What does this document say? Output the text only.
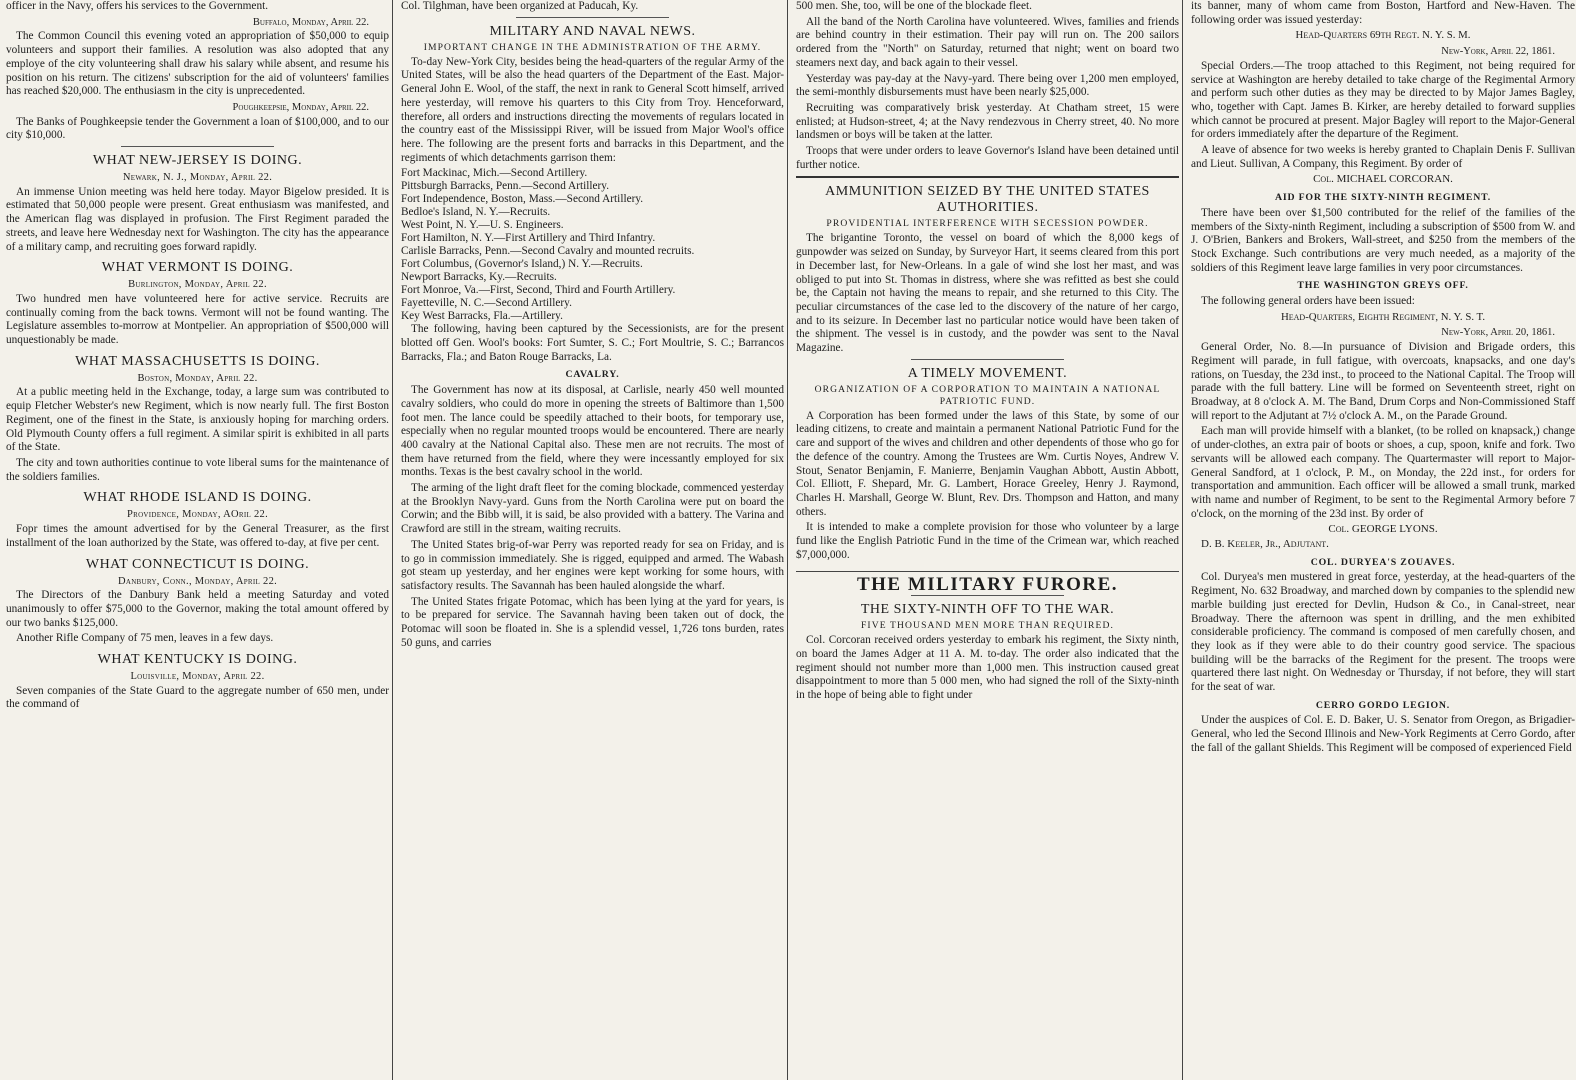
officer in the Navy, offers his services to the Government.

Buffalo, Monday, April 22.

The Common Council this evening voted an appropriation of $50,000 to equip volunteers and support their families. A resolution was also adopted that any employe of the city volunteering shall draw his salary while absent, and resume his position on his return. The citizens' subscription for the aid of volunteers' families has reached $20,000. The enthusiasm in the city is unprecedented.

Poughkeepsie, Monday, April 22.

The Banks of Poughkeepsie tender the Government a loan of $100,000, and to our city $10,000.

WHAT NEW-JERSEY IS DOING.
Newark, N. J., Monday, April 22.

An immense Union meeting was held here today. Mayor Bigelow presided. It is estimated that 50,000 people were present. Great enthusiasm was manifested, and the American flag was displayed in profusion. The First Regiment paraded the streets, and leave here Wednesday next for Washington. The city has the appearance of a military camp, and recruiting goes forward rapidly.

WHAT VERMONT IS DOING.
Burlington, Monday, April 22.

Two hundred men have volunteered here for active service. Recruits are continually coming from the back towns. Vermont will not be found wanting. The Legislature assembles to-morrow at Montpelier. An appropriation of $500,000 will unquestionably be made.

WHAT MASSACHUSETTS IS DOING.
Boston, Monday, April 22.

At a public meeting held in the Exchange, today, a large sum was contributed to equip Fletcher Webster's new Regiment, which is now nearly full. The first Boston Regiment, one of the finest in the State, is anxiously hoping for marching orders. Old Plymouth County offers a full regiment. A similar spirit is exhibited in all parts of the State.

The city and town authorities continue to vote liberal sums for the maintenance of the soldiers families.

WHAT RHODE ISLAND IS DOING.
Providence, Monday, AOril 22.

Fopr times the amount advertised for by the General Treasurer, as the first installment of the loan authorized by the State, was offered to-day, at five per cent.

WHAT CONNECTICUT IS DOING.
Danbury, Conn., Monday, April 22.

The Directors of the Danbury Bank held a meeting Saturday and voted unanimously to offer $75,000 to the Governor, making the total amount offered by our two banks $125,000.

Another Rifle Company of 75 men, leaves in a few days.

WHAT KENTUCKY IS DOING.
Louisville, Monday, April 22.

Seven companies of the State Guard to the aggregate number of 650 men, under the command of

Col. Tilghman, have been organized at Paducah, Ky.

MILITARY AND NAVAL NEWS.
IMPORTANT CHANGE IN THE ADMINISTRATION OF THE ARMY.

To-day New-York City, besides being the head-quarters of the regular Army of the United States, will be also the head quarters of the Department of the East. Major-General John E. Wool, of the staff, the next in rank to General Scott himself, arrived here yesterday, will remove his quarters to this City from Troy. Henceforward, therefore, all orders and instructions directing the movements of regulars located in the country east of the Mississippi River, will be issued from Major Wool's office here. The following are the present forts and barracks in this Department, and the regiments of which detachments garrison them:

Fort Mackinac, Mich.—Second Artillery.
Pittsburgh Barracks, Penn.—Second Artillery.
Fort Independence, Boston, Mass.—Second Artillery.
Bedloe's Island, N. Y.—Recruits.
West Point, N. Y.—U. S. Engineers.
Fort Hamilton, N. Y.—First Artillery and Third Infantry.
Carlisle Barracks, Penn.—Second Cavalry and mounted recruits.
Fort Columbus, (Governor's Island,) N. Y.—Recruits.
Newport Barracks, Ky.—Recruits.
Fort Monroe, Va.—First, Second, Third and Fourth Artillery.
Fayetteville, N. C.—Second Artillery.
Key West Barracks, Fla.—Artillery.

The following, having been captured by the Secessionists, are for the present blotted off Gen. Wool's books: Fort Sumter, S. C.; Fort Moultrie, S. C.; Barrancos Barracks, Fla.; and Baton Rouge Barracks, La.

CAVALRY.

The Government has now at its disposal, at Carlisle, nearly 450 well mounted cavalry soldiers, who could do more in opening the streets of Baltimore than 1,500 foot men. The lance could be speedily attached to their boots, for temporary use, especially when no regular mounted troops would be encountered. There are nearly 400 cavalry at the National Capital also. These men are not recruits. The most of them have returned from the field, where they were incessantly employed for six months. Texas is the best cavalry school in the world.

The arming of the light draft fleet for the coming blockade, commenced yesterday at the Brooklyn Navy-yard. Guns from the North Carolina were put on board the Corwin; and the Bibb will, it is said, be also provided with a battery. The Varina and Crawford are still in the stream, waiting recruits.

The United States brig-of-war Perry was reported ready for sea on Friday, and is to go in commission immediately. She is rigged, equipped and armed. The Wabash got steam up yesterday, and her engines were kept working for some hours, with satisfactory results. The Savannah has been hauled alongside the wharf.

The United States frigate Potomac, which has been lying at the yard for years, is to be prepared for service. The Savannah having been taken out of dock, the Potomac will soon be floated in. She is a splendid vessel, 1,726 tons burden, rates 50 guns, and carries

500 men. She, too, will be one of the blockade fleet.

All the band of the North Carolina have volunteered. Wives, families and friends are behind country in their estimation. Their pay will run on. The 200 sailors ordered from the "North" on Saturday, returned that night; went on board two steamers next day, and back again to their vessel.

Yesterday was pay-day at the Navy-yard. There being over 1,200 men employed, the semi-monthly disbursements must have been nearly $25,000.

Recruiting was comparatively brisk yesterday. At Chatham street, 15 were enlisted; at Hudson-street, 4; at the Navy rendezvous in Cherry street, 40. No more landsmen or boys will be taken at the latter.

Troops that were under orders to leave Governor's Island have been detained until further notice.

AMMUNITION SEIZED BY THE UNITED STATES AUTHORITIES.
PROVIDENTIAL INTERFERENCE WITH SECESSION POWDER.

The brigantine Toronto, the vessel on board of which the 8,000 kegs of gunpowder was seized on Sunday, by Surveyor Hart, it seems cleared from this port in December last, for New-Orleans. In a gale of wind she lost her mast, and was obliged to put into St. Thomas in distress, where she was refitted as best she could be, the Captain not having the means to repair, and she returned to this City. The peculiar circumstances of the case led to the discovery of the nature of her cargo, and to its seizure. In December last no particular notice would have been taken of the shipment. The vessel is in custody, and the powder was sent to the Naval Magazine.

A TIMELY MOVEMENT.
ORGANIZATION OF A CORPORATION TO MAINTAIN A NATIONAL PATRIOTIC FUND.

A Corporation has been formed under the laws of this State, by some of our leading citizens, to create and maintain a permanent National Patriotic Fund for the care and support of the wives and children and other dependents of those who go for the defence of the country. Among the Trustees are Wm. Curtis Noyes, Andrew V. Stout, Senator Benjamin, F. Manierre, Benjamin Vaughan Abbott, Austin Abbott, Col. Elliott, F. Shepard, Mr. G. Lambert, Horace Greeley, Henry J. Raymond, Charles H. Marshall, George W. Blunt, Rev. Drs. Thompson and Hatton, and many others.

It is intended to make a complete provision for those who volunteer by a large fund like the English Patriotic Fund in the time of the Crimean war, which reached $7,000,000.

THE MILITARY FURORE.
THE SIXTY-NINTH OFF TO THE WAR.
FIVE THOUSAND MEN MORE THAN REQUIRED.

Col. Corcoran received orders yesterday to embark his regiment, the Sixty ninth, on board the James Adger at 11 A. M. to-day. The order also indicated that the regiment should not number more than 1,000 men. This instruction caused great disappointment to more than 5 000 men, who had signed the roll of the Sixty-ninth in the hope of being able to fight under

its banner, many of whom came from Boston, Hartford and New-Haven. The following order was issued yesterday:

Head-Quarters 69th Regt. N. Y. S. M.
New-York, April 22, 1861.

Special Orders.—The troop attached to this Regiment, not being required for service at Washington are hereby detailed to take charge of the Regimental Armory and perform such other duties as they may be directed to by Major James Bagley, who, together with Capt. James B. Kirker, are hereby detailed to forward supplies which cannot be procured at present. Major Bagley will report to the Major-General for orders immediately after the departure of the Regiment.

A leave of absence for two weeks is hereby granted to Chaplain Denis F. Sullivan and Lieut. Sullivan, A Company, this Regiment. By order of

Col. MICHAEL CORCORAN.
AID FOR THE SIXTY-NINTH REGIMENT.

There have been over $1,500 contributed for the relief of the families of the members of the Sixty-ninth Regiment, including a subscription of $500 from W. and J. O'Brien, Bankers and Brokers, Wall-street, and $250 from the members of the Stock Exchange. Such contributions are very much needed, as a majority of the soldiers of this Regiment leave large families in very poor circumstances.

THE WASHINGTON GREYS OFF.

The following general orders have been issued:

Head-Quarters, Eighth Regiment, N. Y. S. T.
New-York, April 20, 1861.

General Order, No. 8.—In pursuance of Division and Brigade orders, this Regiment will parade, in full fatigue, with overcoats, knapsacks, and one day's rations, on Tuesday, the 23d inst., to proceed to the National Capital. The Troop will parade with the full battery. Line will be formed on Seventeenth street, right on Broadway, at 8 o'clock A. M. The Band, Drum Corps and Non-Commissioned Staff will report to the Adjutant at 7½ o'clock A. M., on the Parade Ground.

Each man will provide himself with a blanket, (to be rolled on knapsack,) change of under-clothes, an extra pair of boots or shoes, a cup, spoon, knife and fork. Two servants will be allowed each company. The Quartermaster will report to Major-General Sandford, at 1 o'clock, P. M., on Monday, the 22d inst., for orders for transportation and ammunition. Each officer will be allowed a small trunk, marked with name and number of Regiment, to be sent to the Regimental Armory before 7 o'clock, on the morning of the 23d inst. By order of

Col. GEORGE LYONS.
D. B. Keeler, Jr., Adjutant.
COL. DURYEA'S ZOUAVES.

Col. Duryea's men mustered in great force, yesterday, at the head-quarters of the Regiment, No. 632 Broadway, and marched down by companies to the splendid new marble building just erected for Devlin, Hudson & Co., in Canal-street, near Broadway. There the afternoon was spent in drilling, and the men exhibited considerable proficiency. The command is composed of men carefully chosen, and they look as if they were able to do their country good service. The spacious building will be the barracks of the Regiment for the present. The troops were quartered there last night. On Wednesday or Thursday, if not before, they will start for the seat of war.

CERRO GORDO LEGION.

Under the auspices of Col. E. D. Baker, U. S. Senator from Oregon, as Brigadier-General, who led the Second Illinois and New-York Regiments at Cerro Gordo, after the fall of the gallant Shields. This Regiment will be composed of experienced Field
